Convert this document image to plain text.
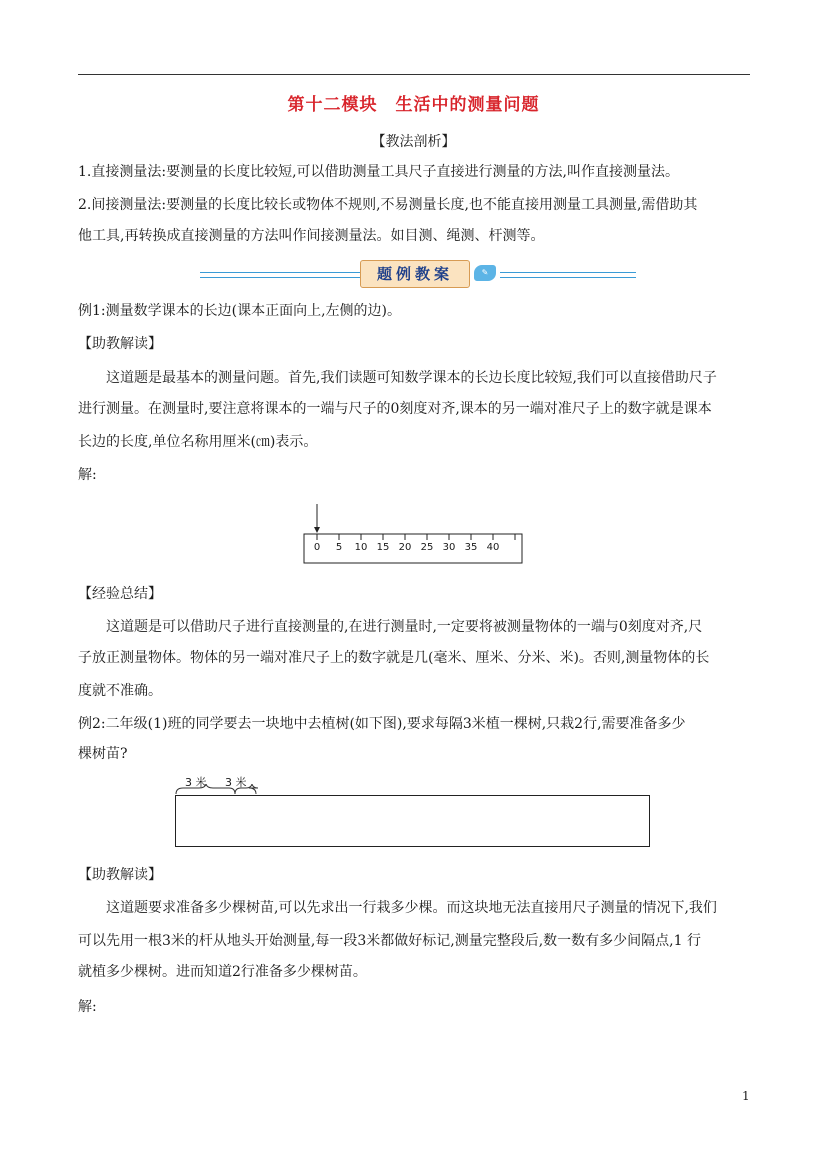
第十二模块　生活中的测量问题
【教法剖析】
1.直接测量法:要测量的长度比较短,可以借助测量工具尺子直接进行测量的方法,叫作直接测量法。
2.间接测量法:要测量的长度比较长或物体不规则,不易测量长度,也不能直接用测量工具测量,需借助其
他工具,再转换成直接测量的方法叫作间接测量法。如目测、绳测、杆测等。
题例教案	✎
例1:测量数学课本的长边(课本正面向上,左侧的边)。
【助教解读】
这道题是最基本的测量问题。首先,我们读题可知数学课本的长边长度比较短,我们可以直接借助尺子
进行测量。在测量时,要注意将课本的一端与尺子的0刻度对齐,课本的另一端对准尺子上的数字就是课本
长边的长度,单位名称用厘米(㎝)表示。
解:
0 5 10 15 20 25 30 35 40
【经验总结】
这道题是可以借助尺子进行直接测量的,在进行测量时,一定要将被测量物体的一端与0刻度对齐,尺
子放正测量物体。物体的另一端对准尺子上的数字就是几(毫米、厘米、分米、米)。否则,测量物体的长
度就不准确。
例2:二年级(1)班的同学要去一块地中去植树(如下图),要求每隔3米植一棵树,只栽2行,需要准备多少
棵树苗?
3 米 3 米
【助教解读】
这道题要求准备多少棵树苗,可以先求出一行栽多少棵。而这块地无法直接用尺子测量的情况下,我们
可以先用一根3米的杆从地头开始测量,每一段3米都做好标记,测量完整段后,数一数有多少间隔点,1 行
就植多少棵树。进而知道2行准备多少棵树苗。
解:
1
